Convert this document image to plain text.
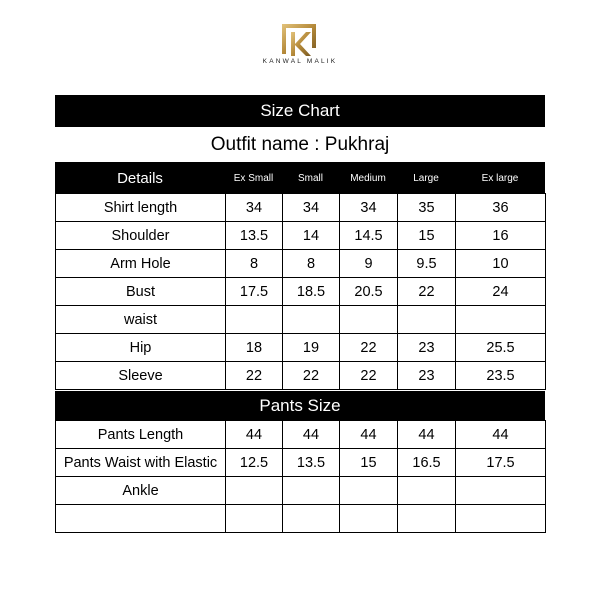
KANWAL MALIK
Size Chart
Outfit name : Pukhraj
Details	Ex Small	Small	Medium	Large	Ex large
Shirt length	34	34	34	35	36
Shoulder	13.5	14	14.5	15	16
Arm Hole	8	8	9	9.5	10
Bust	17.5	18.5	20.5	22	24
waist					
Hip	18	19	22	23	25.5
Sleeve	22	22	22	23	23.5
Pants Size
Pants Length	44	44	44	44	44
Pants Waist with Elastic	12.5	13.5	15	16.5	17.5
Ankle					
